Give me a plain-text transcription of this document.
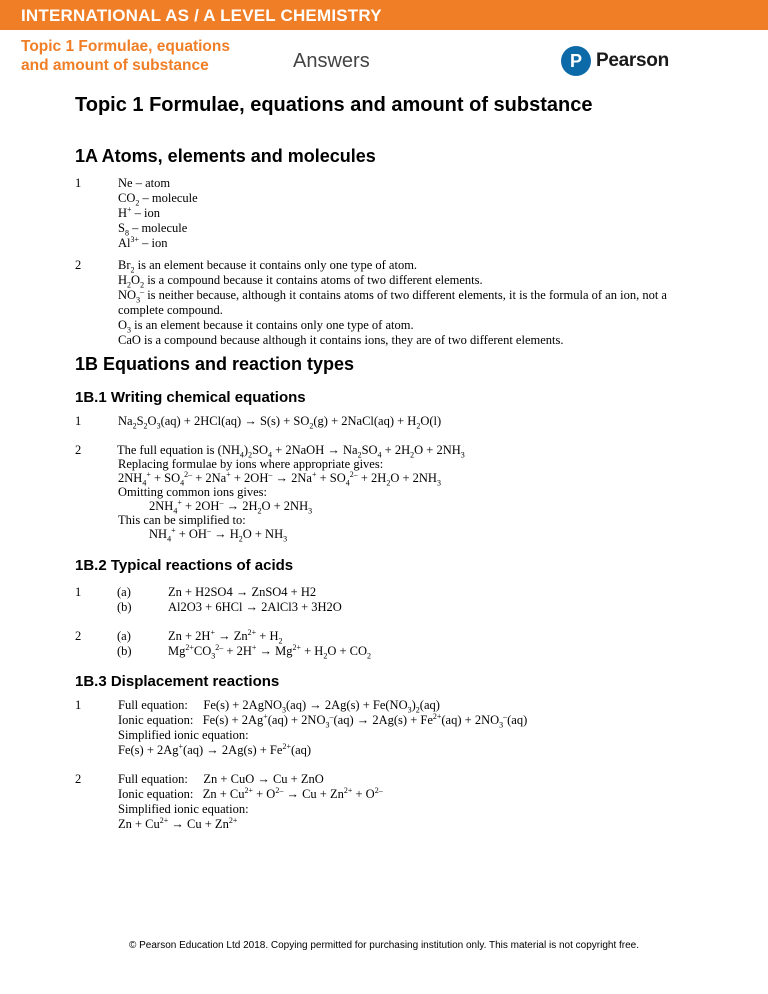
INTERNATIONAL AS / A LEVEL CHEMISTRY
Topic 1 Formulae, equations
and amount of substance	Answers	P Pearson
Topic 1 Formulae, equations and amount of substance
1A Atoms, elements and molecules
1	Ne – atom
$CO_2$ – molecule
H+ – ion
$S_8$ – molecule
$Al^{3+}$ – ion
2	$Br_2$ is an element because it contains only one type of atom.
$H_2O_2$ is a compound because it contains atoms of two different elements.
$NO_3^-$ is neither because, although it contains atoms of two different elements, it is the formula of an ion, not a
complete compound.
$O_3$ is an element because it contains only one type of atom.
CaO is a compound because although it contains ions, they are of two different elements.
1B Equations and reaction types
1B.1 Writing chemical equations
1	$Na_2S_2O_3(aq) + 2HCl(aq) \to S(s) + SO_2(g)$ + 2NaCl(aq) + $H_2O(l)$
2	The full equation is $(NH_4)_2SO_4$ + 2NaOH → $Na_2SO_4 + 2H_2O + 2NH_3$
Replacing formulae by ions where appropriate gives:
$2NH_4^+ + SO_4^{2-} + 2Na^+ + 2OH^- \to 2Na^+ + SO_4^{2-} + 2H_2O + 2NH_3$
Omitting common ions gives:
$2NH_4^+ + 2OH^- \to 2H_2O + 2NH_3$
This can be simplified to:
$NH_4^+ + OH^- \to H_2O + NH_3$
1B.2 Typical reactions of acids
1	(a)	Zn + H2SO4 → ZnSO4 + H2
(b)	Al2O3 + 6HCl → 2AlCl3 + 3H2O
2	(a)	$Zn + 2H^+ \to Zn^{2+} + H_2$
(b)	$Mg^{2+}CO_3^{2-} + 2H^+ \to Mg^{2+} + H_2O + CO_2$
1B.3 Displacement reactions
1	Full equation:     Fe(s) + 2AgNO$_3$(aq) → $2Ag(s) + Fe(NO_3)_2(aq)$
Ionic equation:   $Fe(s) + 2Ag^+(aq) + 2NO_3^-(aq) \to 2Ag(s) + Fe^{2+}(aq) + 2NO_3^-(aq)$
Simplified ionic equation:
$Fe(s) + 2Ag^+(aq) \to 2Ag(s) + Fe^{2+}(aq)$
2	Full equation:     Zn + CuO → Cu + ZnO
Ionic equation:   $Zn + Cu^{2+} + O^{2-} \to Cu + Zn^{2+} + O^{2-}$
Simplified ionic equation:
$Zn + Cu^{2+} \to Cu + Zn^{2+}$
© Pearson Education Ltd 2018. Copying permitted for purchasing institution only. This material is not copyright free.
